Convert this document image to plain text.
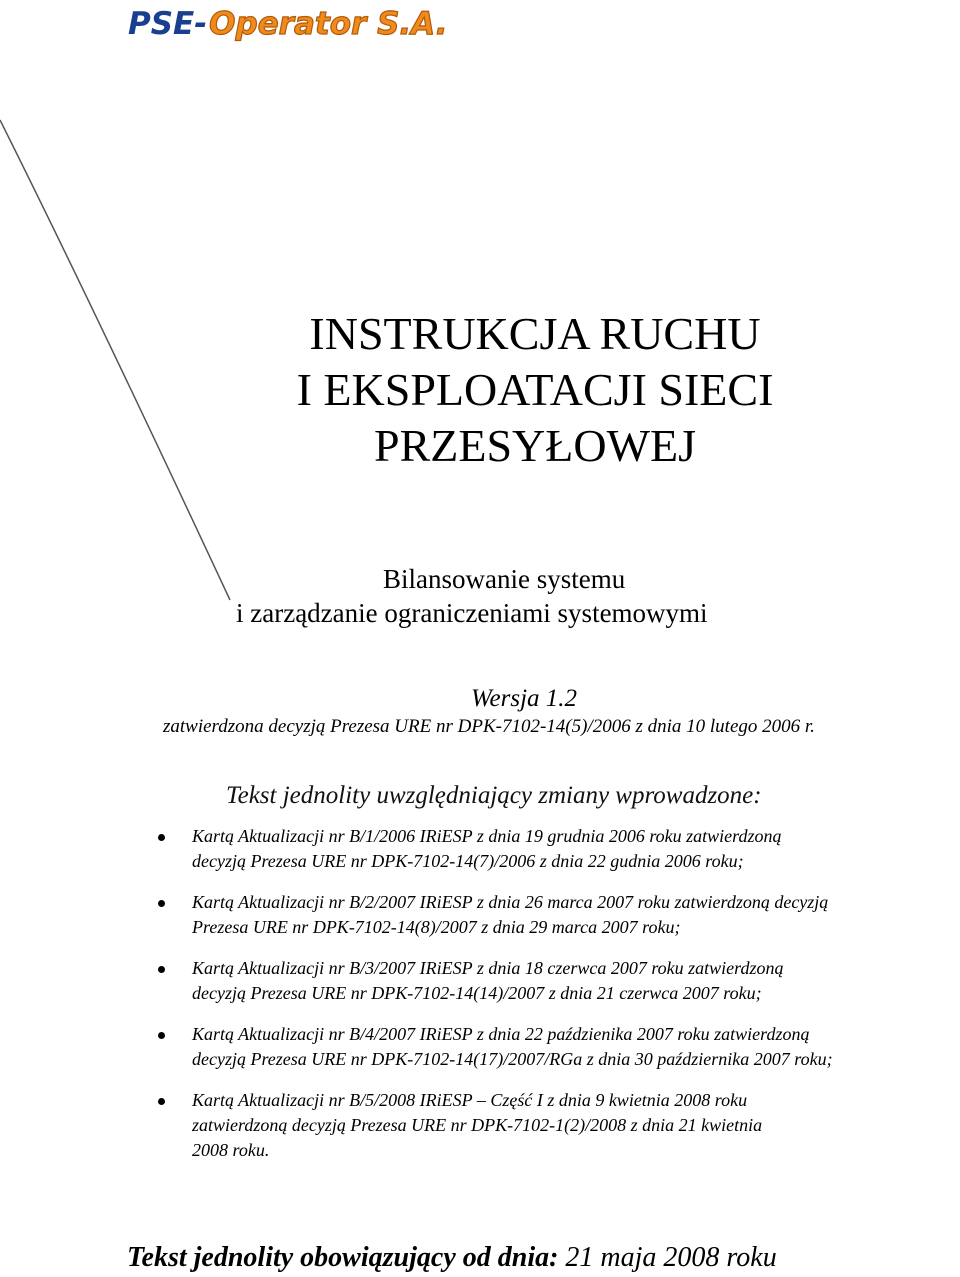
PSE - Operator S.A.
INSTRUKCJA RUCHU
I EKSPLOATACJI SIECI
PRZESYŁOWEJ
Bilansowanie systemu
i zarządzanie ograniczeniami systemowymi
Wersja 1.2
zatwierdzona decyzją Prezesa URE nr DPK-7102-14(5)/2006 z dnia 10 lutego 2006 r.
Tekst jednolity uwzględniający zmiany wprowadzone:
Kartą Aktualizacji nr B/1/2006 IRiESP z dnia 19 grudnia 2006 roku zatwierdzoną
decyzją Prezesa URE nr DPK-7102-14(7)/2006 z dnia 22 gudnia 2006 roku;
Kartą Aktualizacji nr B/2/2007 IRiESP z dnia 26 marca 2007 roku zatwierdzoną decyzją
Prezesa URE nr DPK-7102-14(8)/2007 z dnia 29 marca 2007 roku;
Kartą Aktualizacji nr B/3/2007 IRiESP z dnia 18 czerwca 2007 roku zatwierdzoną
decyzją Prezesa URE nr DPK-7102-14(14)/2007 z dnia 21 czerwca 2007 roku;
Kartą Aktualizacji nr B/4/2007 IRiESP z dnia 22 paździenika 2007 roku zatwierdzoną
decyzją Prezesa URE nr DPK-7102-14(17)/2007/RGa z dnia 30 października 2007 roku;
Kartą Aktualizacji nr B/5/2008 IRiESP – Część I z dnia 9 kwietnia 2008 roku
zatwierdzoną decyzją Prezesa URE nr DPK-7102-1(2)/2008 z dnia 21 kwietnia
2008 roku.
Tekst jednolity obowiązujący od dnia: 21 maja 2008 roku
